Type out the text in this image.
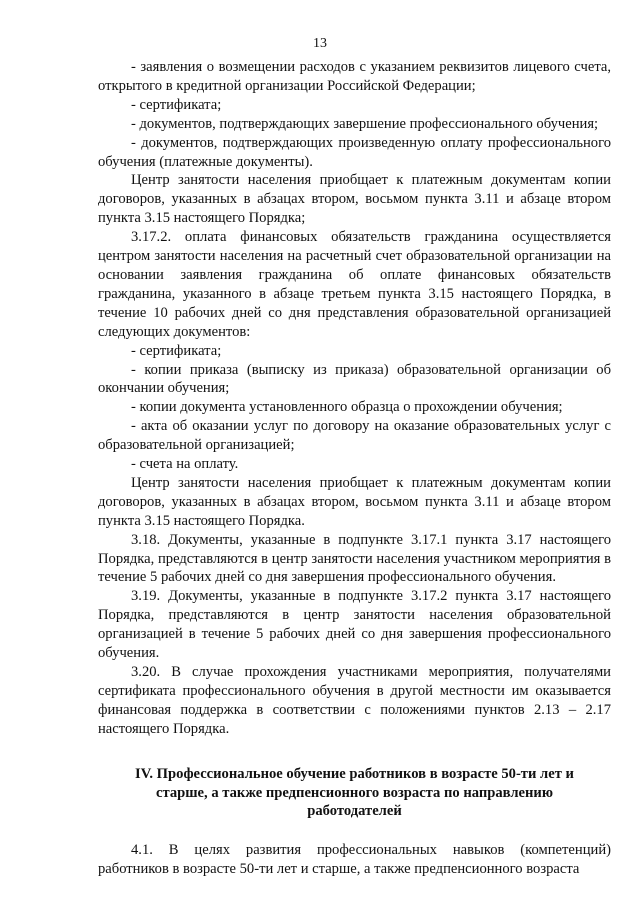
13

- заявления о возмещении расходов с указанием реквизитов лицевого счета, открытого в кредитной организации Российской Федерации;

- сертификата;

- документов, подтверждающих завершение профессионального обучения;

- документов, подтверждающих произведенную оплату профессионального обучения (платежные документы).

Центр занятости населения приобщает к платежным документам копии договоров, указанных в абзацах втором, восьмом пункта 3.11 и абзаце втором пункта 3.15 настоящего Порядка;

3.17.2. оплата финансовых обязательств гражданина осуществляется центром занятости населения на расчетный счет образовательной организации на основании заявления гражданина об оплате финансовых обязательств гражданина, указанного в абзаце третьем пункта 3.15 настоящего Порядка, в течение 10 рабочих дней со дня представления образовательной организацией следующих документов:

- сертификата;

- копии приказа (выписку из приказа) образовательной организации об окончании обучения;

- копии документа установленного образца о прохождении обучения;

- акта об оказании услуг по договору на оказание образовательных услуг с образовательной организацией;

- счета на оплату.

Центр занятости населения приобщает к платежным документам копии договоров, указанных в абзацах втором, восьмом пункта 3.11 и абзаце втором пункта 3.15 настоящего Порядка.

3.18. Документы, указанные в подпункте 3.17.1 пункта 3.17 настоящего Порядка, представляются в центр занятости населения участником мероприятия в течение 5 рабочих дней со дня завершения профессионального обучения.

3.19. Документы, указанные в подпункте 3.17.2 пункта 3.17 настоящего Порядка, представляются в центр занятости населения образовательной организацией в течение 5 рабочих дней со дня завершения профессионального обучения.

3.20. В случае прохождения участниками мероприятия, получателями сертификата профессионального обучения в другой местности им оказывается финансовая поддержка в соответствии с положениями пунктов 2.13 – 2.17 настоящего Порядка.

IV. Профессиональное обучение работников в возрасте 50-ти лет и старше, а также предпенсионного возраста по направлению работодателей

4.1. В целях развития профессиональных навыков (компетенций) работников в возрасте 50-ти лет и старше, а также предпенсионного возраста
